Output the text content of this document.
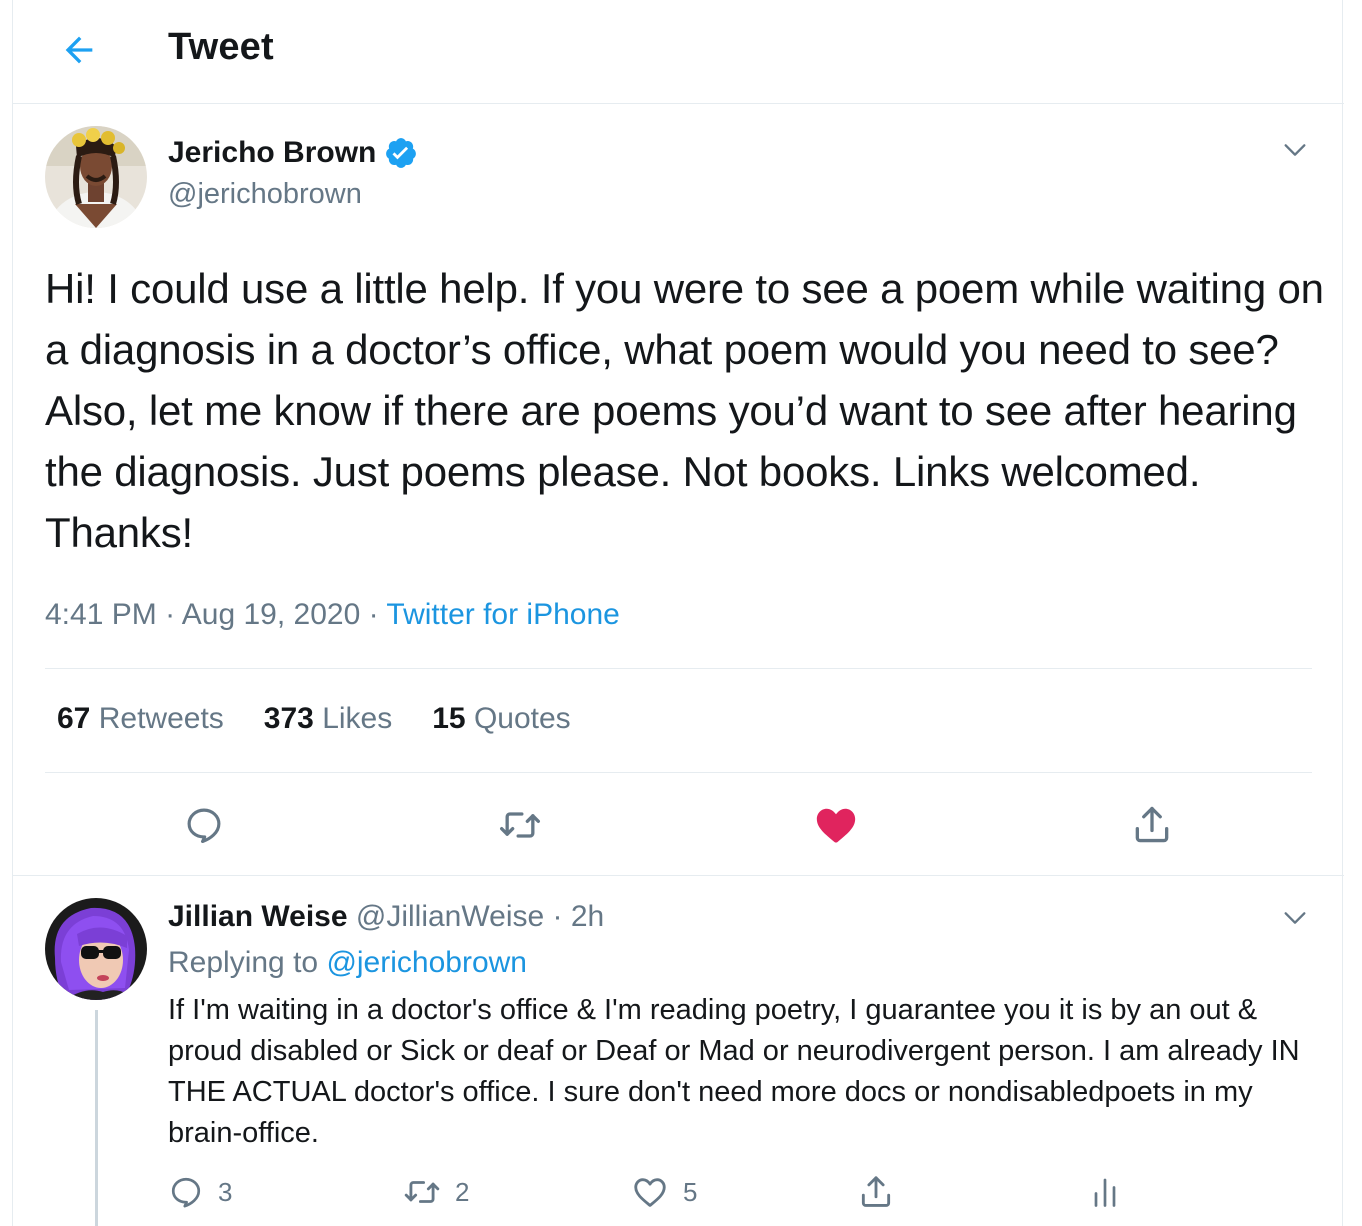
Tweet
Jericho Brown
@jerichobrown
Hi! I could use a little help. If you were to see a poem while waiting on a diagnosis in a doctor’s office, what poem would you need to see? Also, let me know if there are poems you’d want to see after hearing the diagnosis. Just poems please. Not books. Links welcomed. Thanks!
4:41 PM · Aug 19, 2020 · Twitter for iPhone
67 Retweets 373 Likes 15 Quotes
Jillian Weise @JillianWeise · 2h
Replying to @jerichobrown
If I'm waiting in a doctor's office & I'm reading poetry, I guarantee you it is by an out & proud disabled or Sick or deaf or Deaf or Mad or neurodivergent person. I am already IN THE ACTUAL doctor's office. I sure don't need more docs or nondisabledpoets in my brain-office.
3	2	5
